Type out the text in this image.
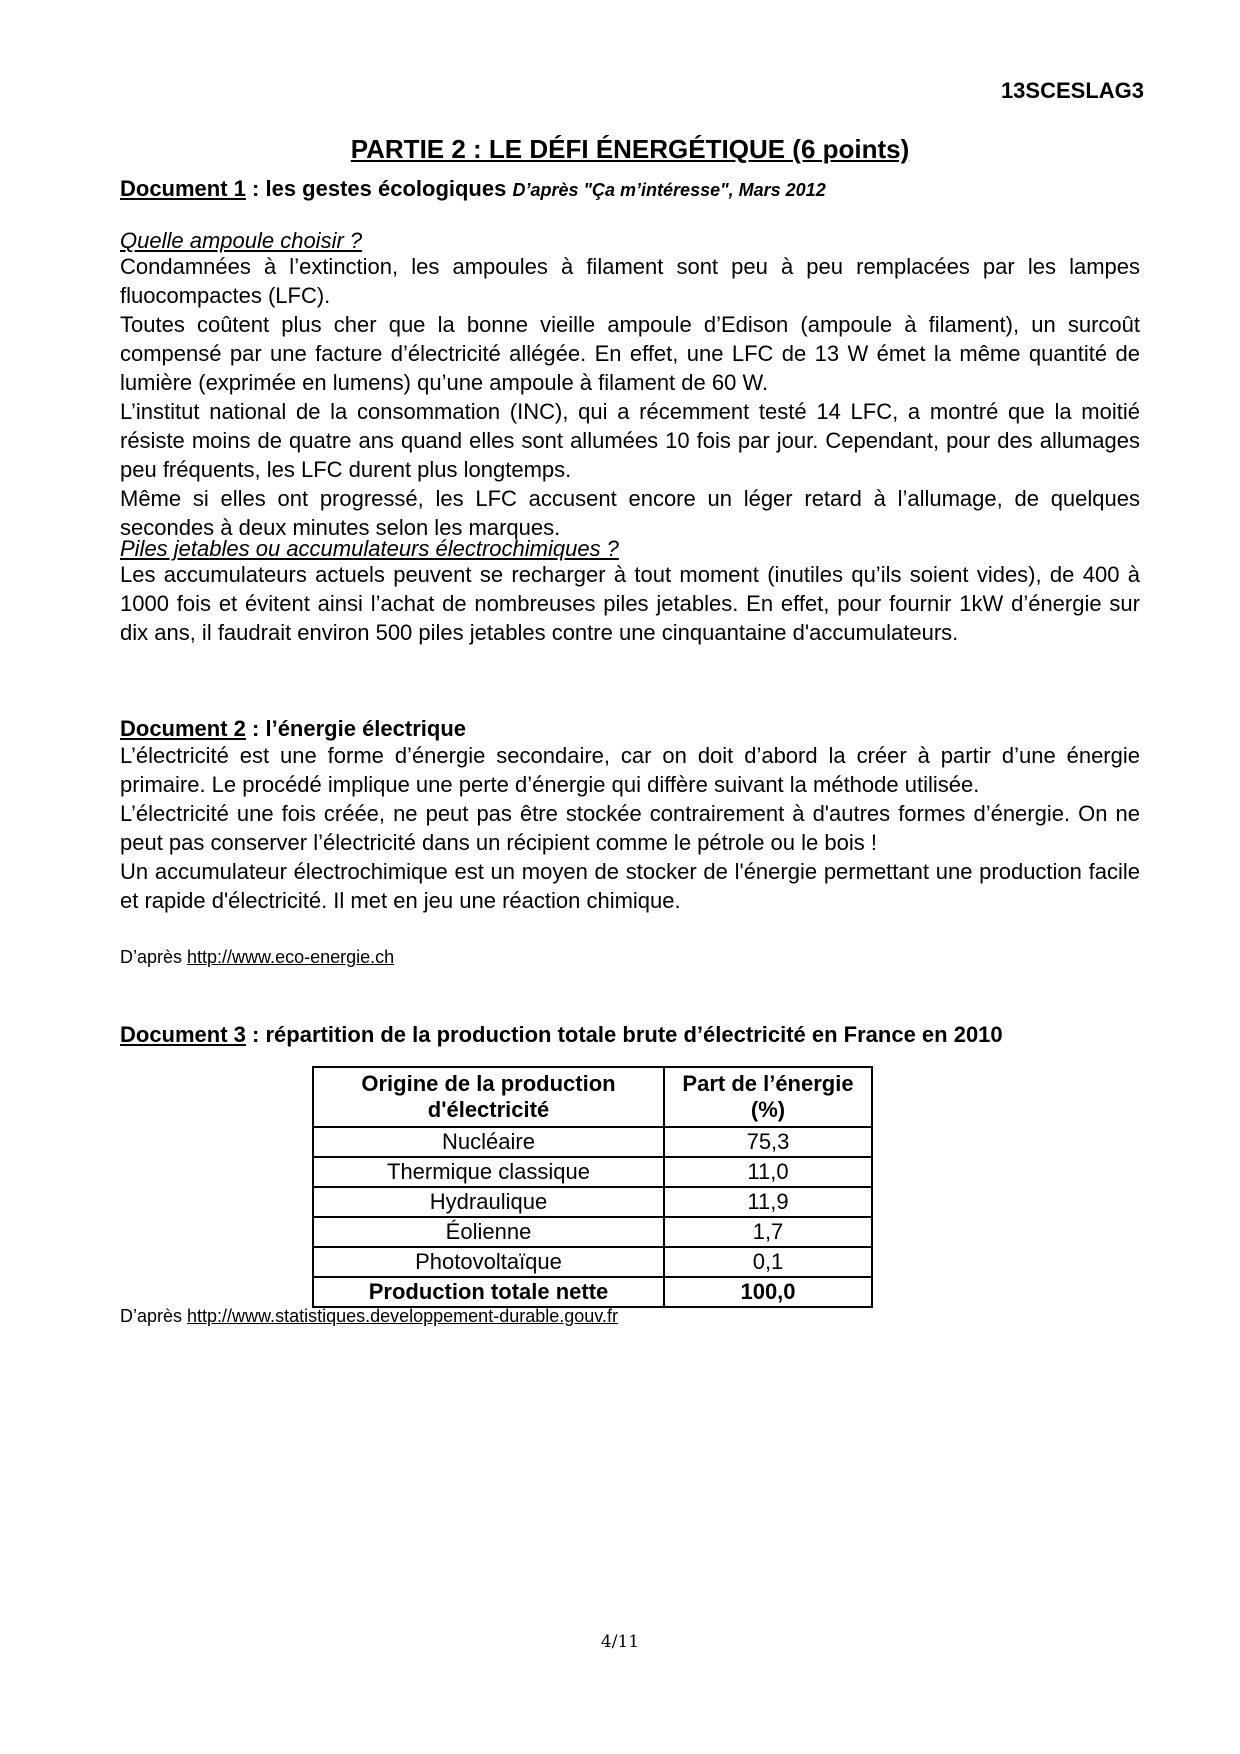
13SCESLAG3
PARTIE 2 : LE DÉFI ÉNERGÉTIQUE (6 points)
Document 1 : les gestes écologiques D’après "Ça m’intéresse", Mars 2012
Quelle ampoule choisir ?

Condamnées à l’extinction, les ampoules à filament sont peu à peu remplacées par les lampes fluocompactes (LFC).

Toutes coûtent plus cher que la bonne vieille ampoule d’Edison (ampoule à filament), un surcoût compensé par une facture d’électricité allégée. En effet, une LFC de 13 W émet la même quantité de lumière (exprimée en lumens) qu’une ampoule à filament de 60 W.

L’institut national de la consommation (INC), qui a récemment testé 14 LFC, a montré que la moitié résiste moins de quatre ans quand elles sont allumées 10 fois par jour. Cependant, pour des allumages peu fréquents, les LFC durent plus longtemps.

Même si elles ont progressé, les LFC accusent encore un léger retard à l’allumage, de quelques secondes à deux minutes selon les marques.

Piles jetables ou accumulateurs électrochimiques ?

Les accumulateurs actuels peuvent se recharger à tout moment (inutiles qu’ils soient vides), de 400 à 1000 fois et évitent ainsi l’achat de nombreuses piles jetables. En effet, pour fournir 1kW d’énergie sur dix ans, il faudrait environ 500 piles jetables contre une cinquantaine d'accumulateurs.

Document 2 : l’énergie électrique

L’électricité est une forme d’énergie secondaire, car on doit d’abord la créer à partir d’une énergie primaire. Le procédé implique une perte d’énergie qui diffère suivant la méthode utilisée.

L’électricité une fois créée, ne peut pas être stockée contrairement à d'autres formes d’énergie. On ne peut pas conserver l’électricité dans un récipient comme le pétrole ou le bois !

Un accumulateur électrochimique est un moyen de stocker de l'énergie permettant une production facile et rapide d'électricité. Il met en jeu une réaction chimique.

D’après http://www.eco-energie.ch
Document 3 : répartition de la production totale brute d’électricité en France en 2010
D’après http://www.statistiques.developpement-durable.gouv.fr
Origine de la production d'électricité	Part de l’énergie (%)
Nucléaire	75,3
Thermique classique	11,0
Hydraulique	11,9
Éolienne	1,7
Photovoltaïque	0,1
Production totale nette	100,0
4/11
